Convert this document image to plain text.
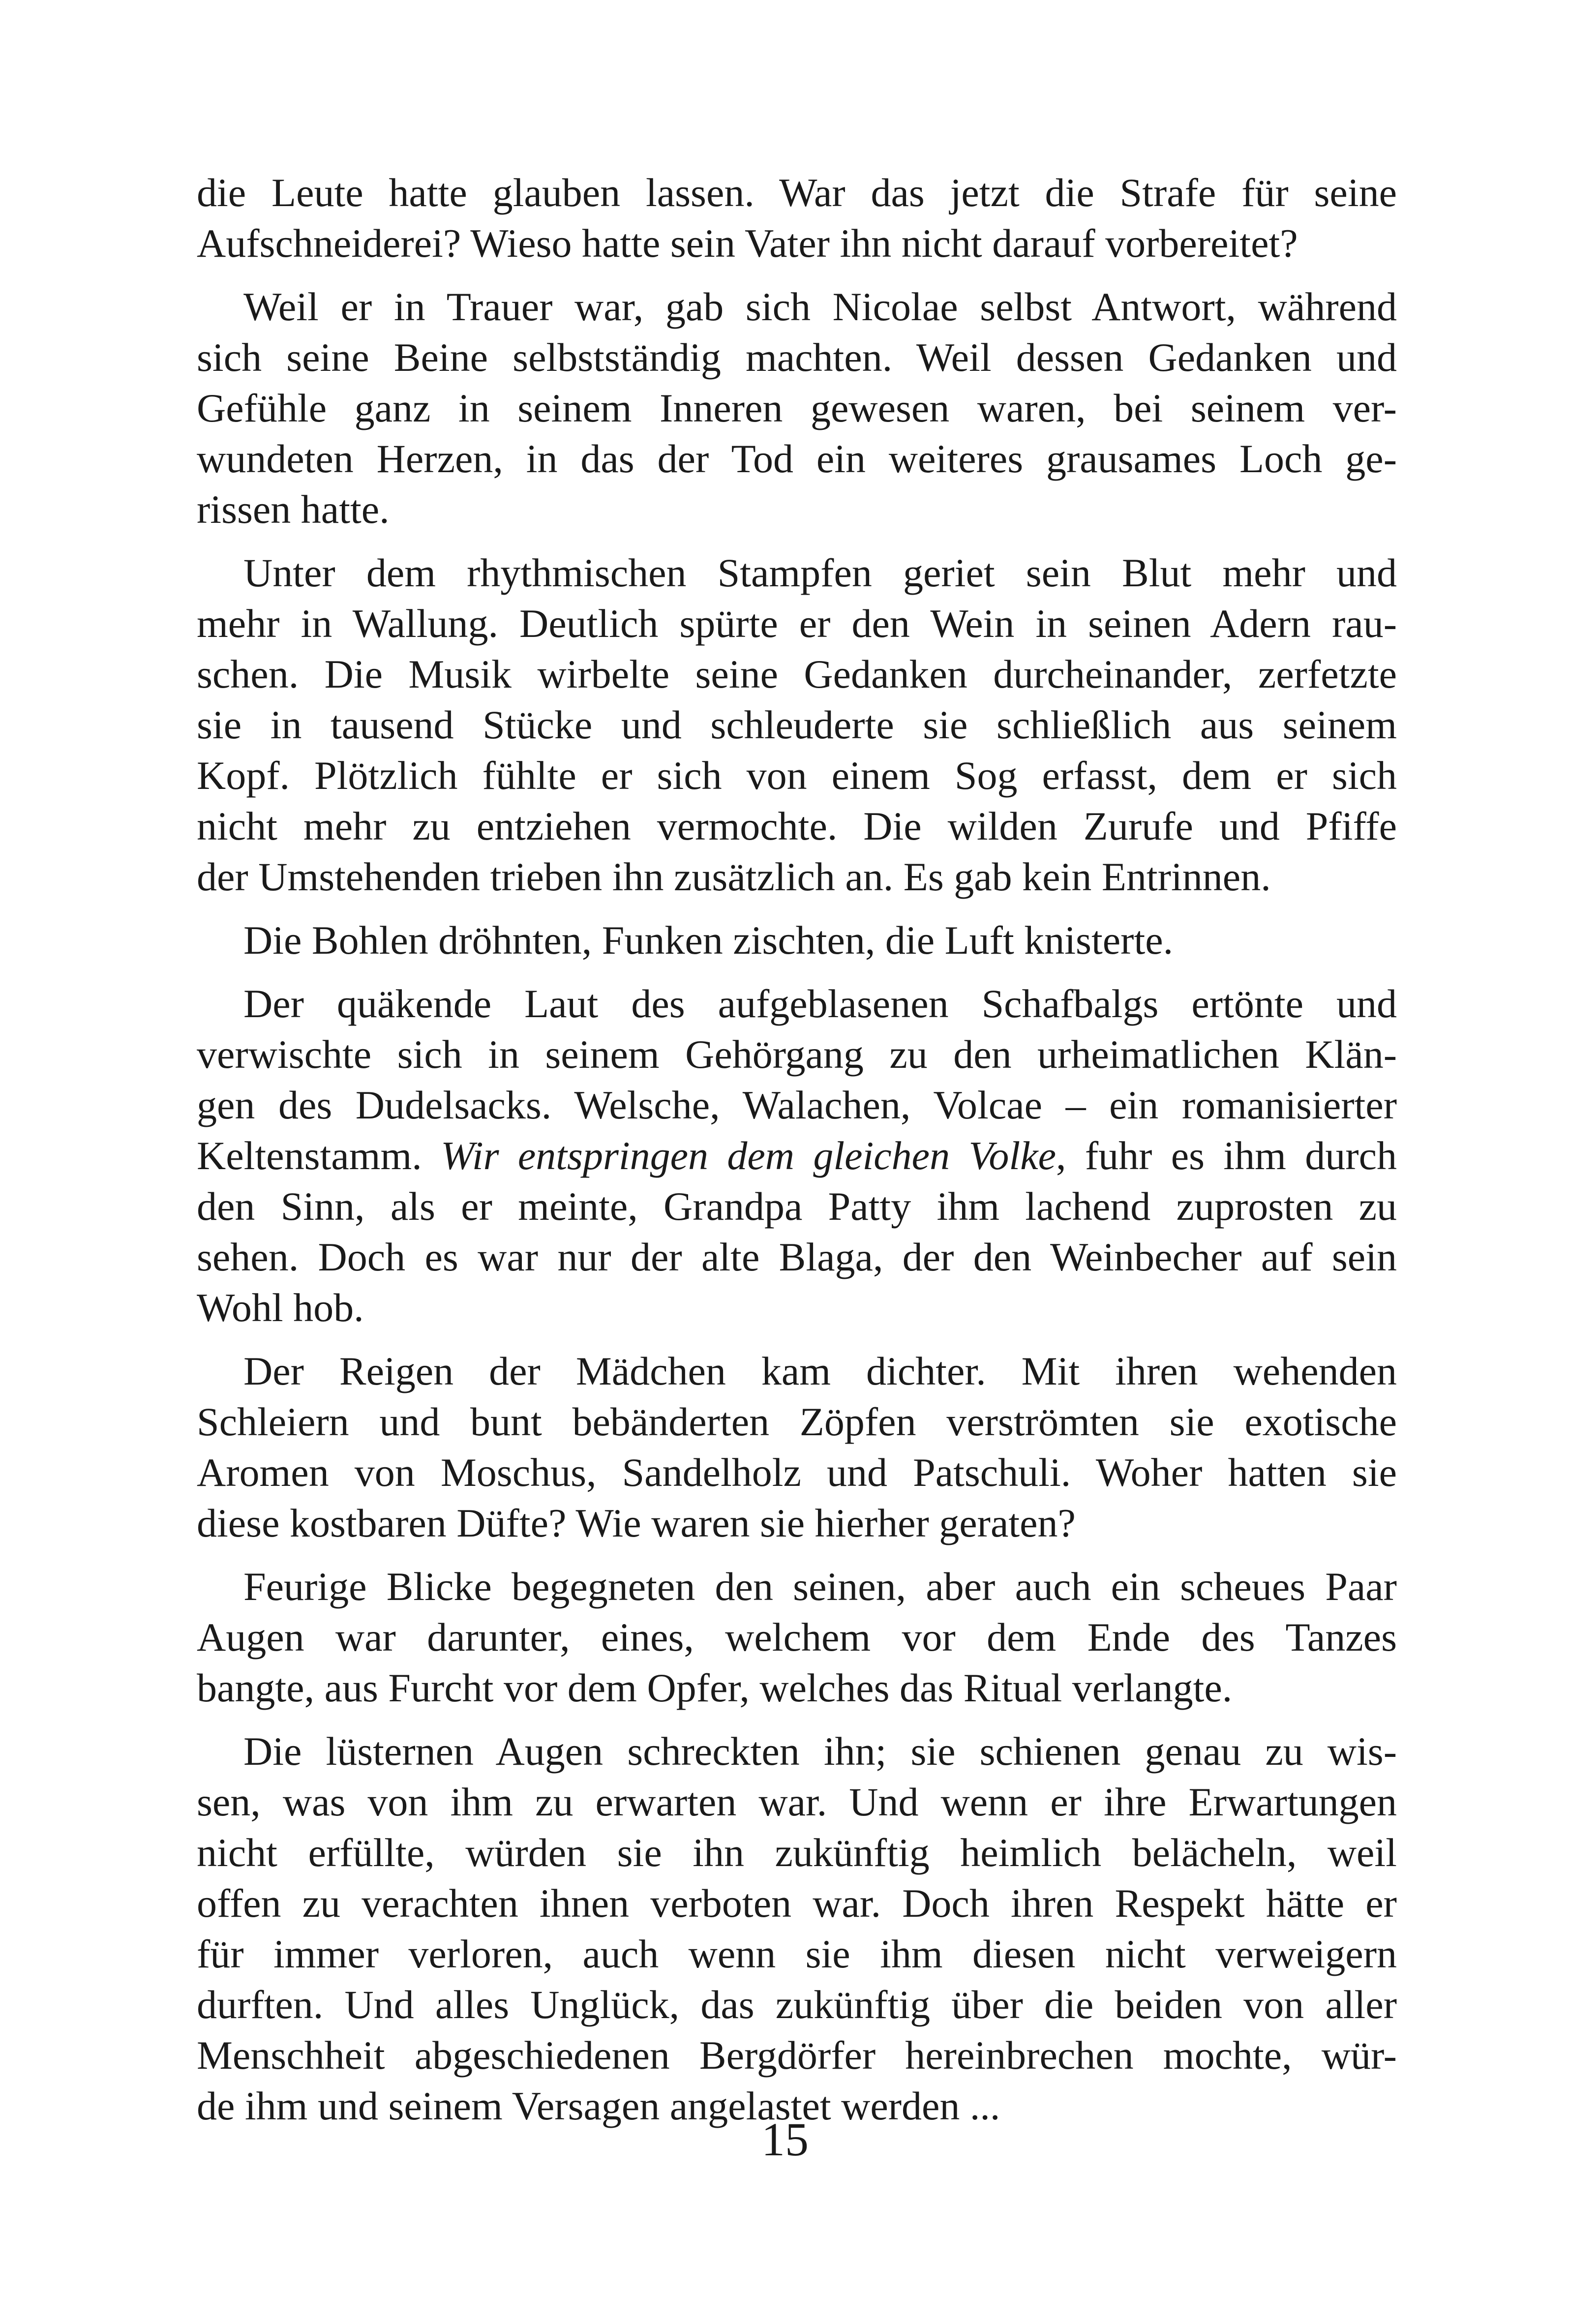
die Leute hatte glauben lassen. War das jetzt die Strafe für seine
Aufschneiderei? Wieso hatte sein Vater ihn nicht darauf vorbereitet?
Weil er in Trauer war, gab sich Nicolae selbst Antwort, während
sich seine Beine selbstständig machten. Weil dessen Gedanken und
Gefühle ganz in seinem Inneren gewesen waren, bei seinem ver-
wundeten Herzen, in das der Tod ein weiteres grausames Loch ge-
rissen hatte.
Unter dem rhythmischen Stampfen geriet sein Blut mehr und
mehr in Wallung. Deutlich spürte er den Wein in seinen Adern rau-
schen. Die Musik wirbelte seine Gedanken durcheinander, zerfetzte
sie in tausend Stücke und schleuderte sie schließlich aus seinem
Kopf. Plötzlich fühlte er sich von einem Sog erfasst, dem er sich
nicht mehr zu entziehen vermochte. Die wilden Zurufe und Pfiffe
der Umstehenden trieben ihn zusätzlich an. Es gab kein Entrinnen.
Die Bohlen dröhnten, Funken zischten, die Luft knisterte.
Der quäkende Laut des aufgeblasenen Schafbalgs ertönte und
verwischte sich in seinem Gehörgang zu den urheimatlichen Klän-
gen des Dudelsacks. Welsche, Walachen, Volcae – ein romanisierter
Keltenstamm. Wir entspringen dem gleichen Volke, fuhr es ihm durch
den Sinn, als er meinte, Grandpa Patty ihm lachend zuprosten zu
sehen. Doch es war nur der alte Blaga, der den Weinbecher auf sein
Wohl hob.
Der Reigen der Mädchen kam dichter. Mit ihren wehenden
Schleiern und bunt bebänderten Zöpfen verströmten sie exotische
Aromen von Moschus, Sandelholz und Patschuli. Woher hatten sie
diese kostbaren Düfte? Wie waren sie hierher geraten?
Feurige Blicke begegneten den seinen, aber auch ein scheues Paar
Augen war darunter, eines, welchem vor dem Ende des Tanzes
bangte, aus Furcht vor dem Opfer, welches das Ritual verlangte.
Die lüsternen Augen schreckten ihn; sie schienen genau zu wis-
sen, was von ihm zu erwarten war. Und wenn er ihre Erwartungen
nicht erfüllte, würden sie ihn zukünftig heimlich belächeln, weil
offen zu verachten ihnen verboten war. Doch ihren Respekt hätte er
für immer verloren, auch wenn sie ihm diesen nicht verweigern
durften. Und alles Unglück, das zukünftig über die beiden von aller
Menschheit abgeschiedenen Bergdörfer hereinbrechen mochte, wür-
de ihm und seinem Versagen angelastet werden ...
15
